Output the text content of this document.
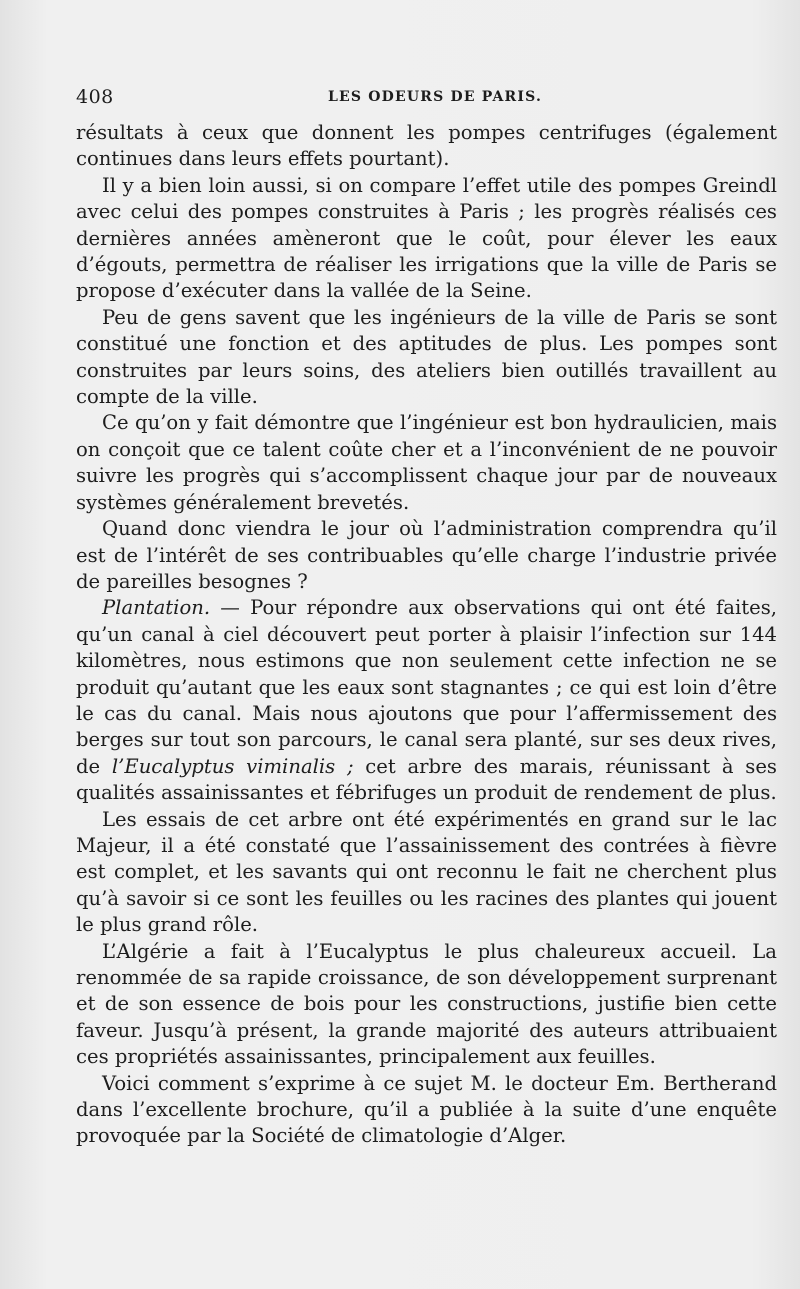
408	LES ODEURS DE PARIS.

résultats à ceux que donnent les pompes centrifuges (également continues dans leurs effets pourtant).

Il y a bien loin aussi, si on compare l’effet utile des pompes Greindl avec celui des pompes construites à Paris ; les progrès réalisés ces dernières années amèneront que le coût, pour élever les eaux d’égouts, permettra de réaliser les irrigations que la ville de Paris se propose d’exécuter dans la vallée de la Seine.

Peu de gens savent que les ingénieurs de la ville de Paris se sont constitué une fonction et des aptitudes de plus. Les pompes sont construites par leurs soins, des ateliers bien outillés travaillent au compte de la ville.

Ce qu’on y fait démontre que l’ingénieur est bon hydraulicien, mais on conçoit que ce talent coûte cher et a l’inconvénient de ne pouvoir suivre les progrès qui s’accomplissent chaque jour par de nouveaux systèmes généralement brevetés.

Quand donc viendra le jour où l’administration comprendra qu’il est de l’intérêt de ses contribuables qu’elle charge l’industrie privée de pareilles besognes ?

Plantation. — Pour répondre aux observations qui ont été faites, qu’un canal à ciel découvert peut porter à plaisir l’infection sur 144 kilomètres, nous estimons que non seulement cette infection ne se produit qu’autant que les eaux sont stagnantes ; ce qui est loin d’être le cas du canal. Mais nous ajoutons que pour l’affermissement des berges sur tout son parcours, le canal sera planté, sur ses deux rives, de l’Eucalyptus viminalis ; cet arbre des marais, réunissant à ses qualités assainissantes et fébrifuges un produit de rendement de plus.

Les essais de cet arbre ont été expérimentés en grand sur le lac Majeur, il a été constaté que l’assainissement des contrées à fièvre est complet, et les savants qui ont reconnu le fait ne cherchent plus qu’à savoir si ce sont les feuilles ou les racines des plantes qui jouent le plus grand rôle.

L’Algérie a fait à l’Eucalyptus le plus chaleureux accueil. La renommée de sa rapide croissance, de son développement surprenant et de son essence de bois pour les constructions, justifie bien cette faveur. Jusqu’à présent, la grande majorité des auteurs attribuaient ces propriétés assainissantes, principalement aux feuilles.

Voici comment s’exprime à ce sujet M. le docteur Em. Bertherand dans l’excellente brochure, qu’il a publiée à la suite d’une enquête provoquée par la Société de climatologie d’Alger.
